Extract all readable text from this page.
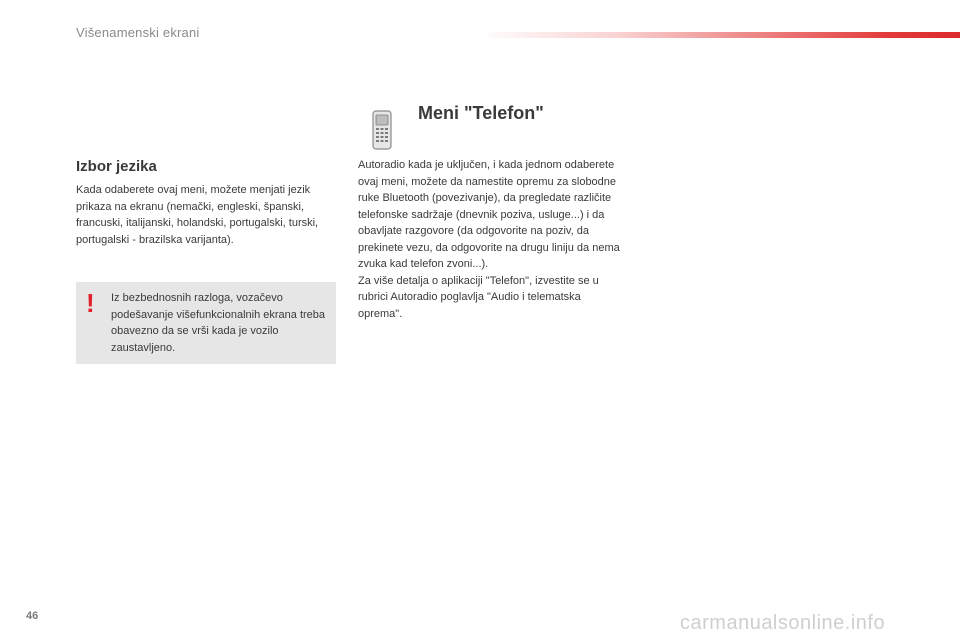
Višenamenski ekrani
Izbor jezika
Kada odaberete ovaj meni, možete menjati jezik prikaza na ekranu (nemački, engleski, španski, francuski, italijanski, holandski, portugalski, turski, portugalski - brazilska varijanta).
! Iz bezbednosnih razloga, vozačevo podešavanje višefunkcionalnih ekrana treba obavezno da se vrši kada je vozilo zaustavljeno.
Meni "Telefon"
Autoradio kada je uključen, i kada jednom odaberete ovaj meni, možete da namestite opremu za slobodne ruke Bluetooth (povezivanje), da pregledate različite telefonske sadržaje (dnevnik poziva, usluge...) i da obavljate razgovore (da odgovorite na poziv, da prekinete vezu, da odgovorite na drugu liniju da nema zvuka kad telefon zvoni...).
Za više detalja o aplikaciji "Telefon", izvestite se u rubrici Autoradio poglavlja "Audio i telematska oprema".
46	carmanualsonline.info
